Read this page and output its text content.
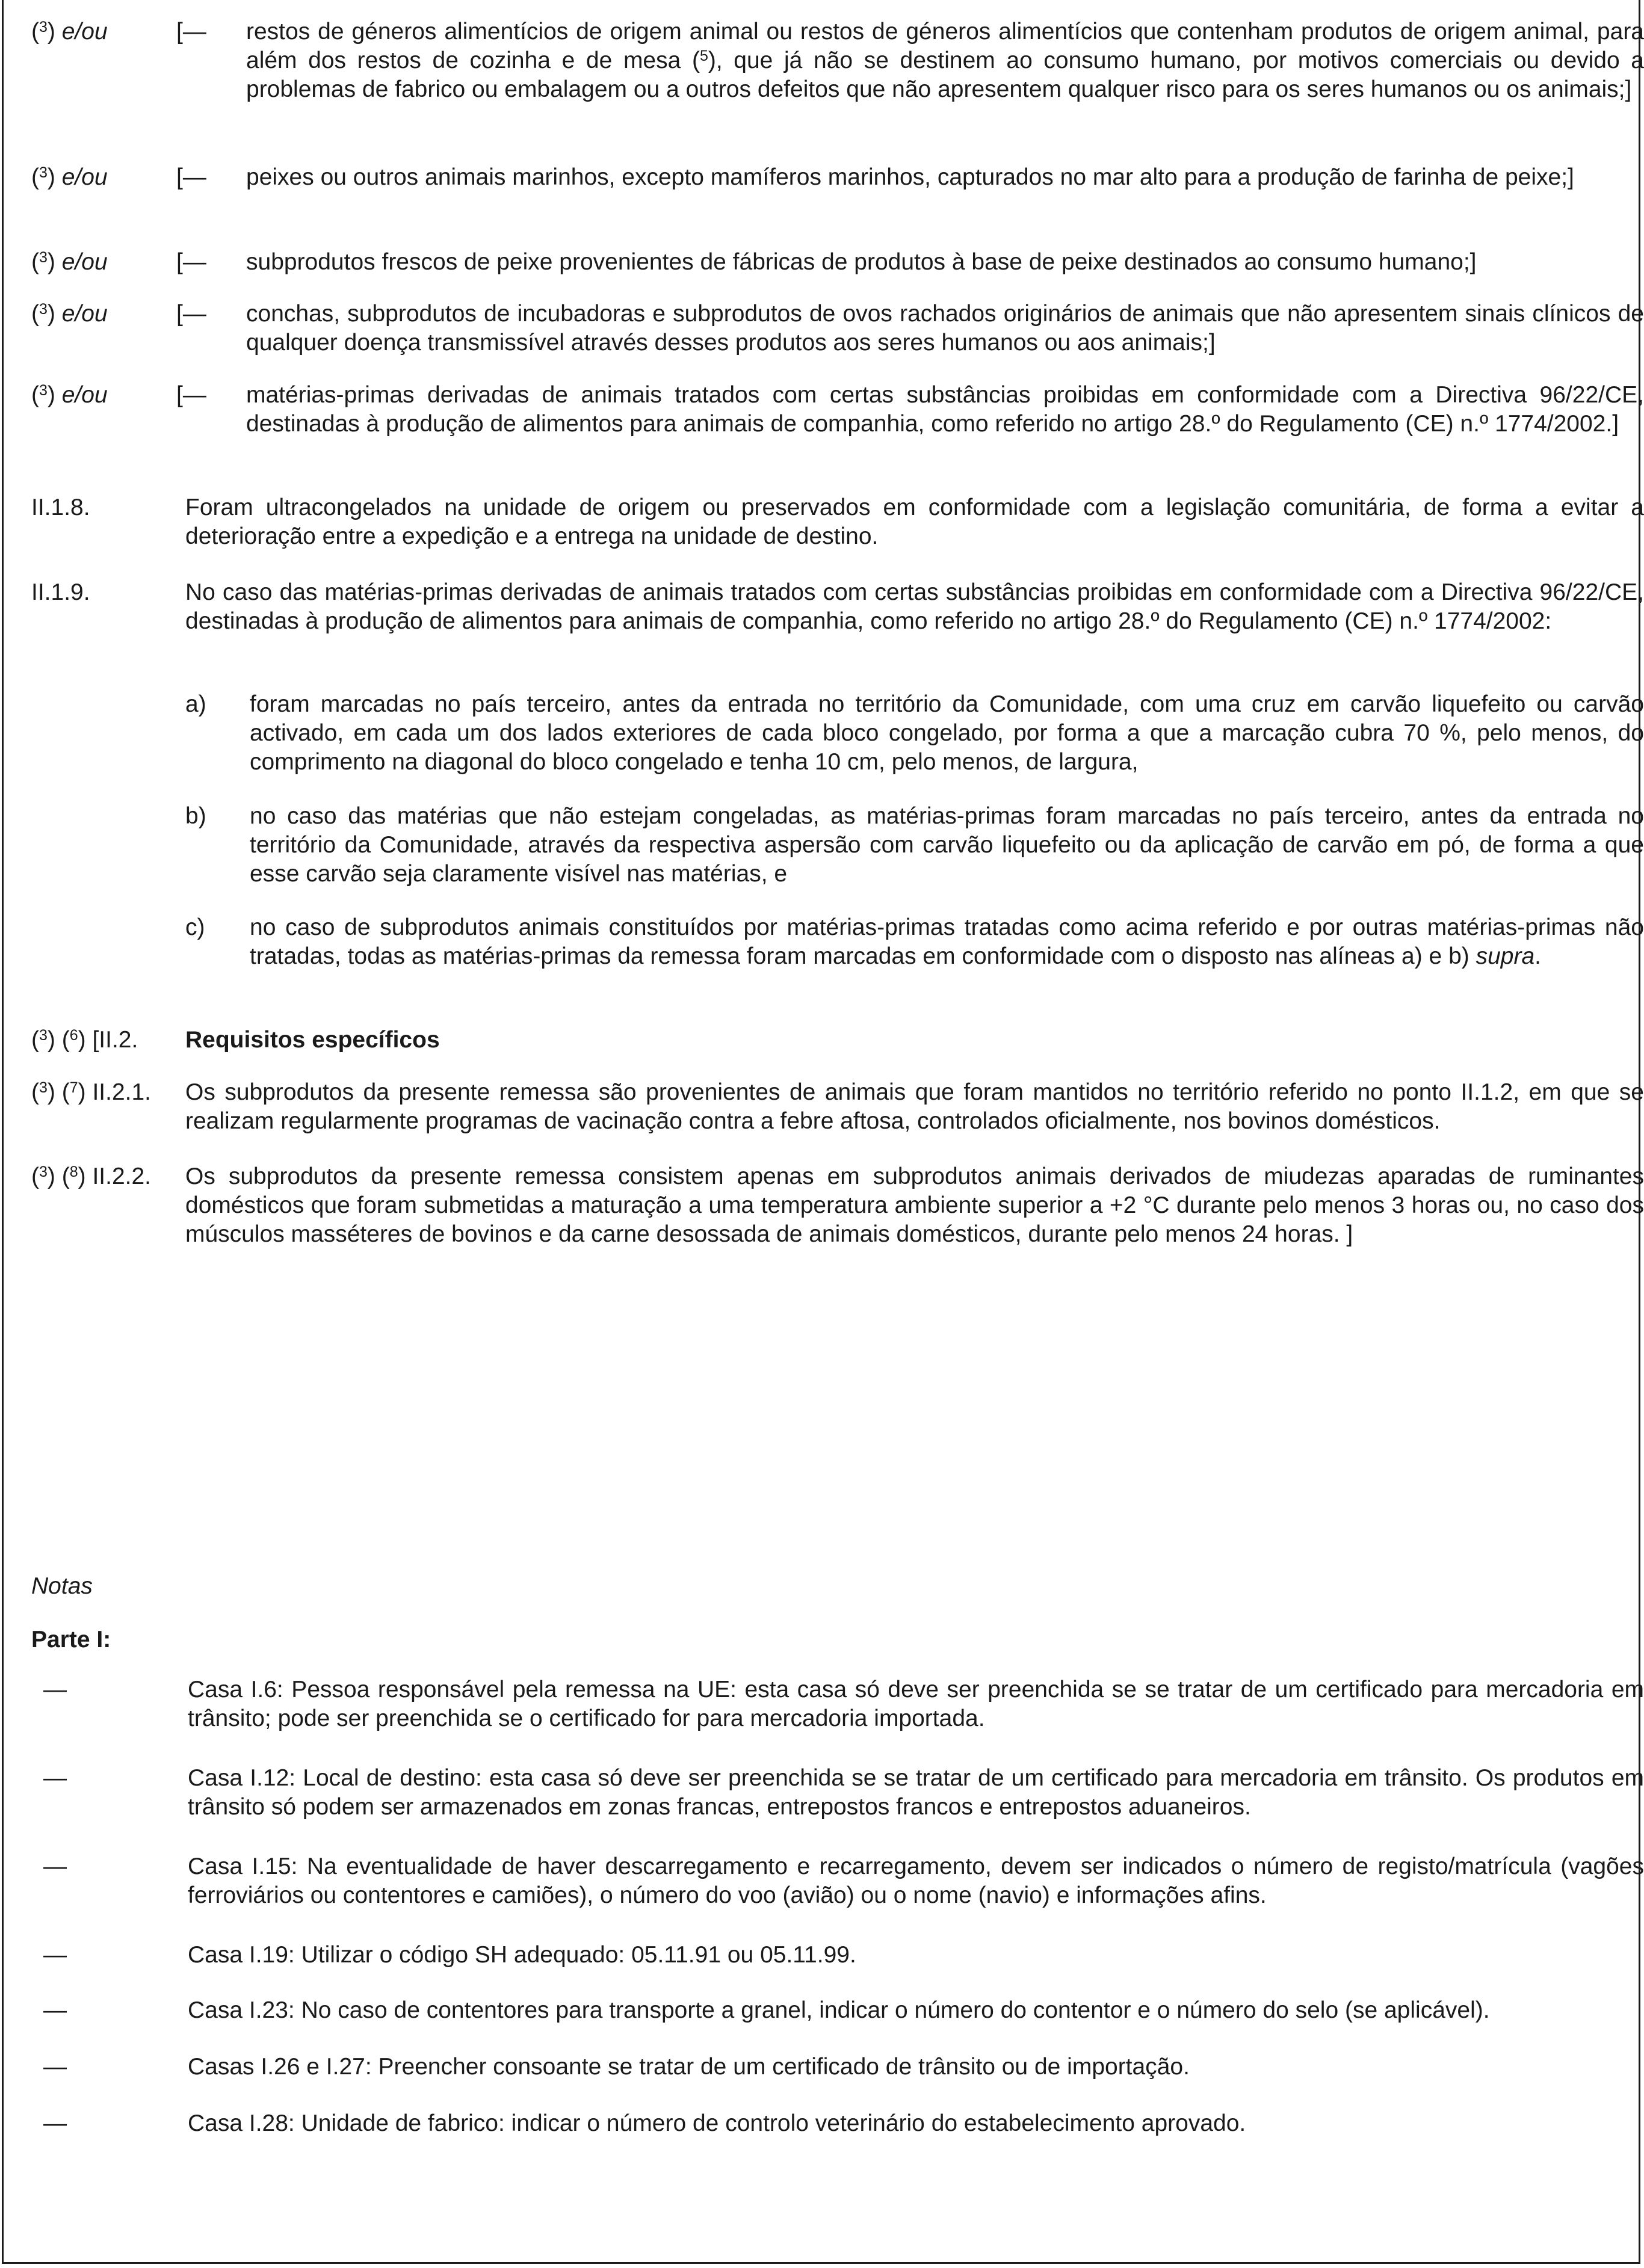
($^3$) e/ou	[— restos de géneros alimentícios de origem animal ou restos de géneros alimentícios que contenham produtos de origem animal, para além dos restos de cozinha e de mesa ($^5$), que já não se destinem ao consumo humano, por motivos comerciais ou devido a problemas de fabrico ou embalagem ou a outros defeitos que não apresentem qualquer risco para os seres humanos ou os animais;]
($^3$) e/ou	[— peixes ou outros animais marinhos, excepto mamíferos marinhos, capturados no mar alto para a produção de farinha de peixe;]
($^3$) e/ou	[— subprodutos frescos de peixe provenientes de fábricas de produtos à base de peixe destinados ao consumo humano;]
($^3$) e/ou	[— conchas, subprodutos de incubadoras e subprodutos de ovos rachados originários de animais que não apresentem sinais clínicos de qualquer doença transmissível através desses produtos aos seres humanos ou aos animais;]
($^3$) e/ou	[— matérias-primas derivadas de animais tratados com certas substâncias proibidas em conformidade com a Directiva 96/22/CE, destinadas à produção de alimentos para animais de companhia, como referido no artigo 28.º do Regulamento (CE) n.º 1774/2002.]
II.1.8.	Foram ultracongelados na unidade de origem ou preservados em conformidade com a legislação comunitária, de forma a evitar a deterioração entre a expedição e a entrega na unidade de destino.
II.1.9.	No caso das matérias-primas derivadas de animais tratados com certas substâncias proibidas em conformidade com a Directiva 96/22/CE, destinadas à produção de alimentos para animais de companhia, como referido no artigo 28.º do Regulamento (CE) n.º 1774/2002:
a) foram marcadas no país terceiro, antes da entrada no território da Comunidade, com uma cruz em carvão liquefeito ou carvão activado, em cada um dos lados exteriores de cada bloco congelado, por forma a que a marcação cubra 70 %, pelo menos, do comprimento na diagonal do bloco congelado e tenha 10 cm, pelo menos, de largura,
b) no caso das matérias que não estejam congeladas, as matérias-primas foram marcadas no país terceiro, antes da entrada no território da Comunidade, através da respectiva aspersão com carvão liquefeito ou da aplicação de carvão em pó, de forma a que esse carvão seja claramente visível nas matérias, e
c) no caso de subprodutos animais constituídos por matérias-primas tratadas como acima referido e por outras matérias-primas não tratadas, todas as matérias-primas da remessa foram marcadas em conformidade com o disposto nas alíneas a) e b) supra.
($^3$) ($^6$) [II.2. Requisitos específicos
($^3$) ($^7$) II.2.1. Os subprodutos da presente remessa são provenientes de animais que foram mantidos no território referido no ponto II.1.2, em que se realizam regularmente programas de vacinação contra a febre aftosa, controlados oficialmente, nos bovinos domésticos.
($^3$) ($^8$) II.2.2. Os subprodutos da presente remessa consistem apenas em subprodutos animais derivados de miudezas aparadas de ruminantes domésticos que foram submetidas a maturação a uma temperatura ambiente superior a +2 °C durante pelo menos 3 horas ou, no caso dos músculos masséteres de bovinos e da carne desossada de animais domésticos, durante pelo menos 24 horas. ]
Notas
Parte I:
—	Casa I.6: Pessoa responsável pela remessa na UE: esta casa só deve ser preenchida se se tratar de um certificado para mercadoria em trânsito; pode ser preenchida se o certificado for para mercadoria importada.
—	Casa I.12: Local de destino: esta casa só deve ser preenchida se se tratar de um certificado para mercadoria em trânsito. Os produtos em trânsito só podem ser armazenados em zonas francas, entrepostos francos e entrepostos aduaneiros.
—	Casa I.15: Na eventualidade de haver descarregamento e recarregamento, devem ser indicados o número de registo/matrícula (vagões ferroviários ou contentores e camiões), o número do voo (avião) ou o nome (navio) e informações afins.
—	Casa I.19: Utilizar o código SH adequado: 05.11.91 ou 05.11.99.
—	Casa I.23: No caso de contentores para transporte a granel, indicar o número do contentor e o número do selo (se aplicável).
—	Casas I.26 e I.27: Preencher consoante se tratar de um certificado de trânsito ou de importação.
—	Casa I.28: Unidade de fabrico: indicar o número de controlo veterinário do estabelecimento aprovado.
